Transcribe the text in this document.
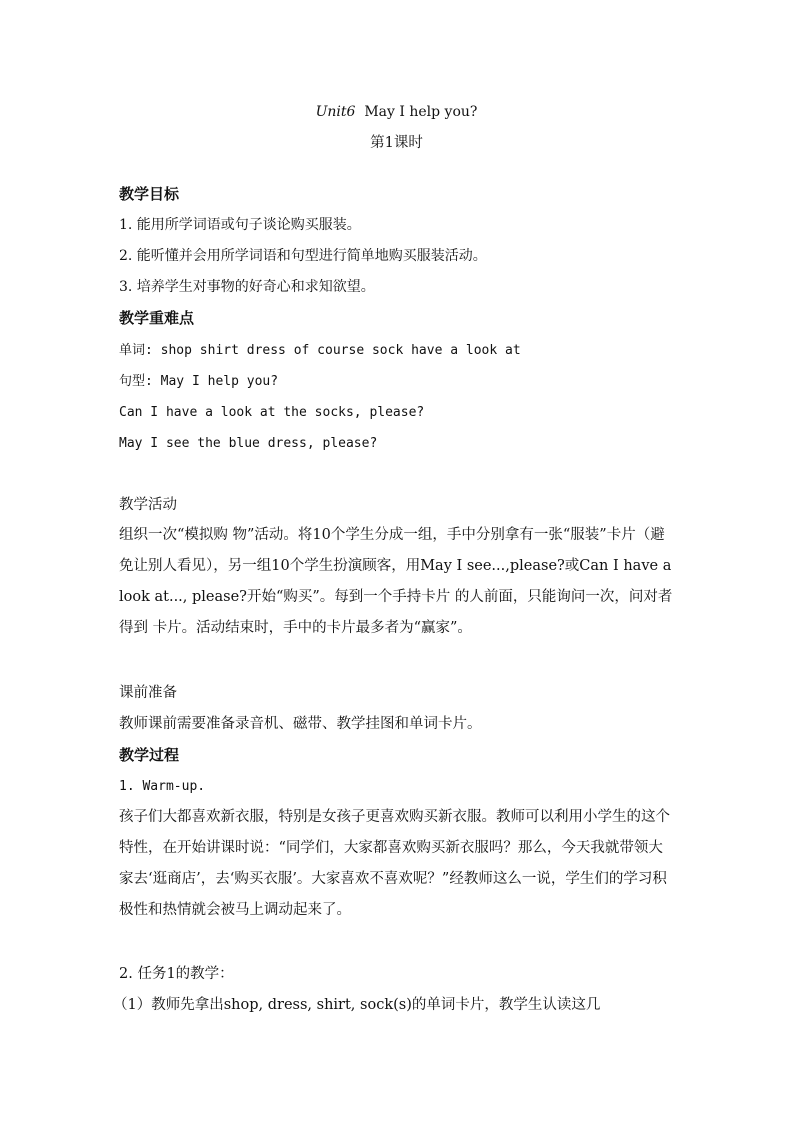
Unit6 May I help you?
第1课时
教学目标
1. 能用所学词语或句子谈论购买服装。
2. 能听懂并会用所学词语和句型进行简单地购买服装活动。
3. 培养学生对事物的好奇心和求知欲望。
教学重难点
单词: shop shirt dress of course sock have a look at
句型: May I help you?
Can I have a look at the socks, please?
May I see the blue dress, please?
教学活动
组织一次“模拟购 物”活动。将10个学生分成一组，手中分别拿有一张“服装”卡片（避免让别人看见），另一组10个学生扮演顾客，用May I see...,please?或Can I have a look at..., please?开始“购买”。每到一个手持卡片 的人前面，只能询问一次，问对者得到 卡片。活动结束时，手中的卡片最多者为“赢家”。
课前准备
教师课前需要准备录音机、磁带、教学挂图和单词卡片。
教学过程
1. Warm-up.
孩子们大都喜欢新衣服，特别是女孩子更喜欢购买新衣服。教师可以利用小学生的这个特性，在开始讲课时说：“同学们，大家都喜欢购买新衣服吗？那么，今天我就带领大家去‘逛商店’，去‘购买衣服’。大家喜欢不喜欢呢？”经教师这么一说，学生们的学习积极性和热情就会被马上调动起来了。
2. 任务1的教学：
（1）教师先拿出shop, dress, shirt, sock(s)的单词卡片，教学生认读这几
